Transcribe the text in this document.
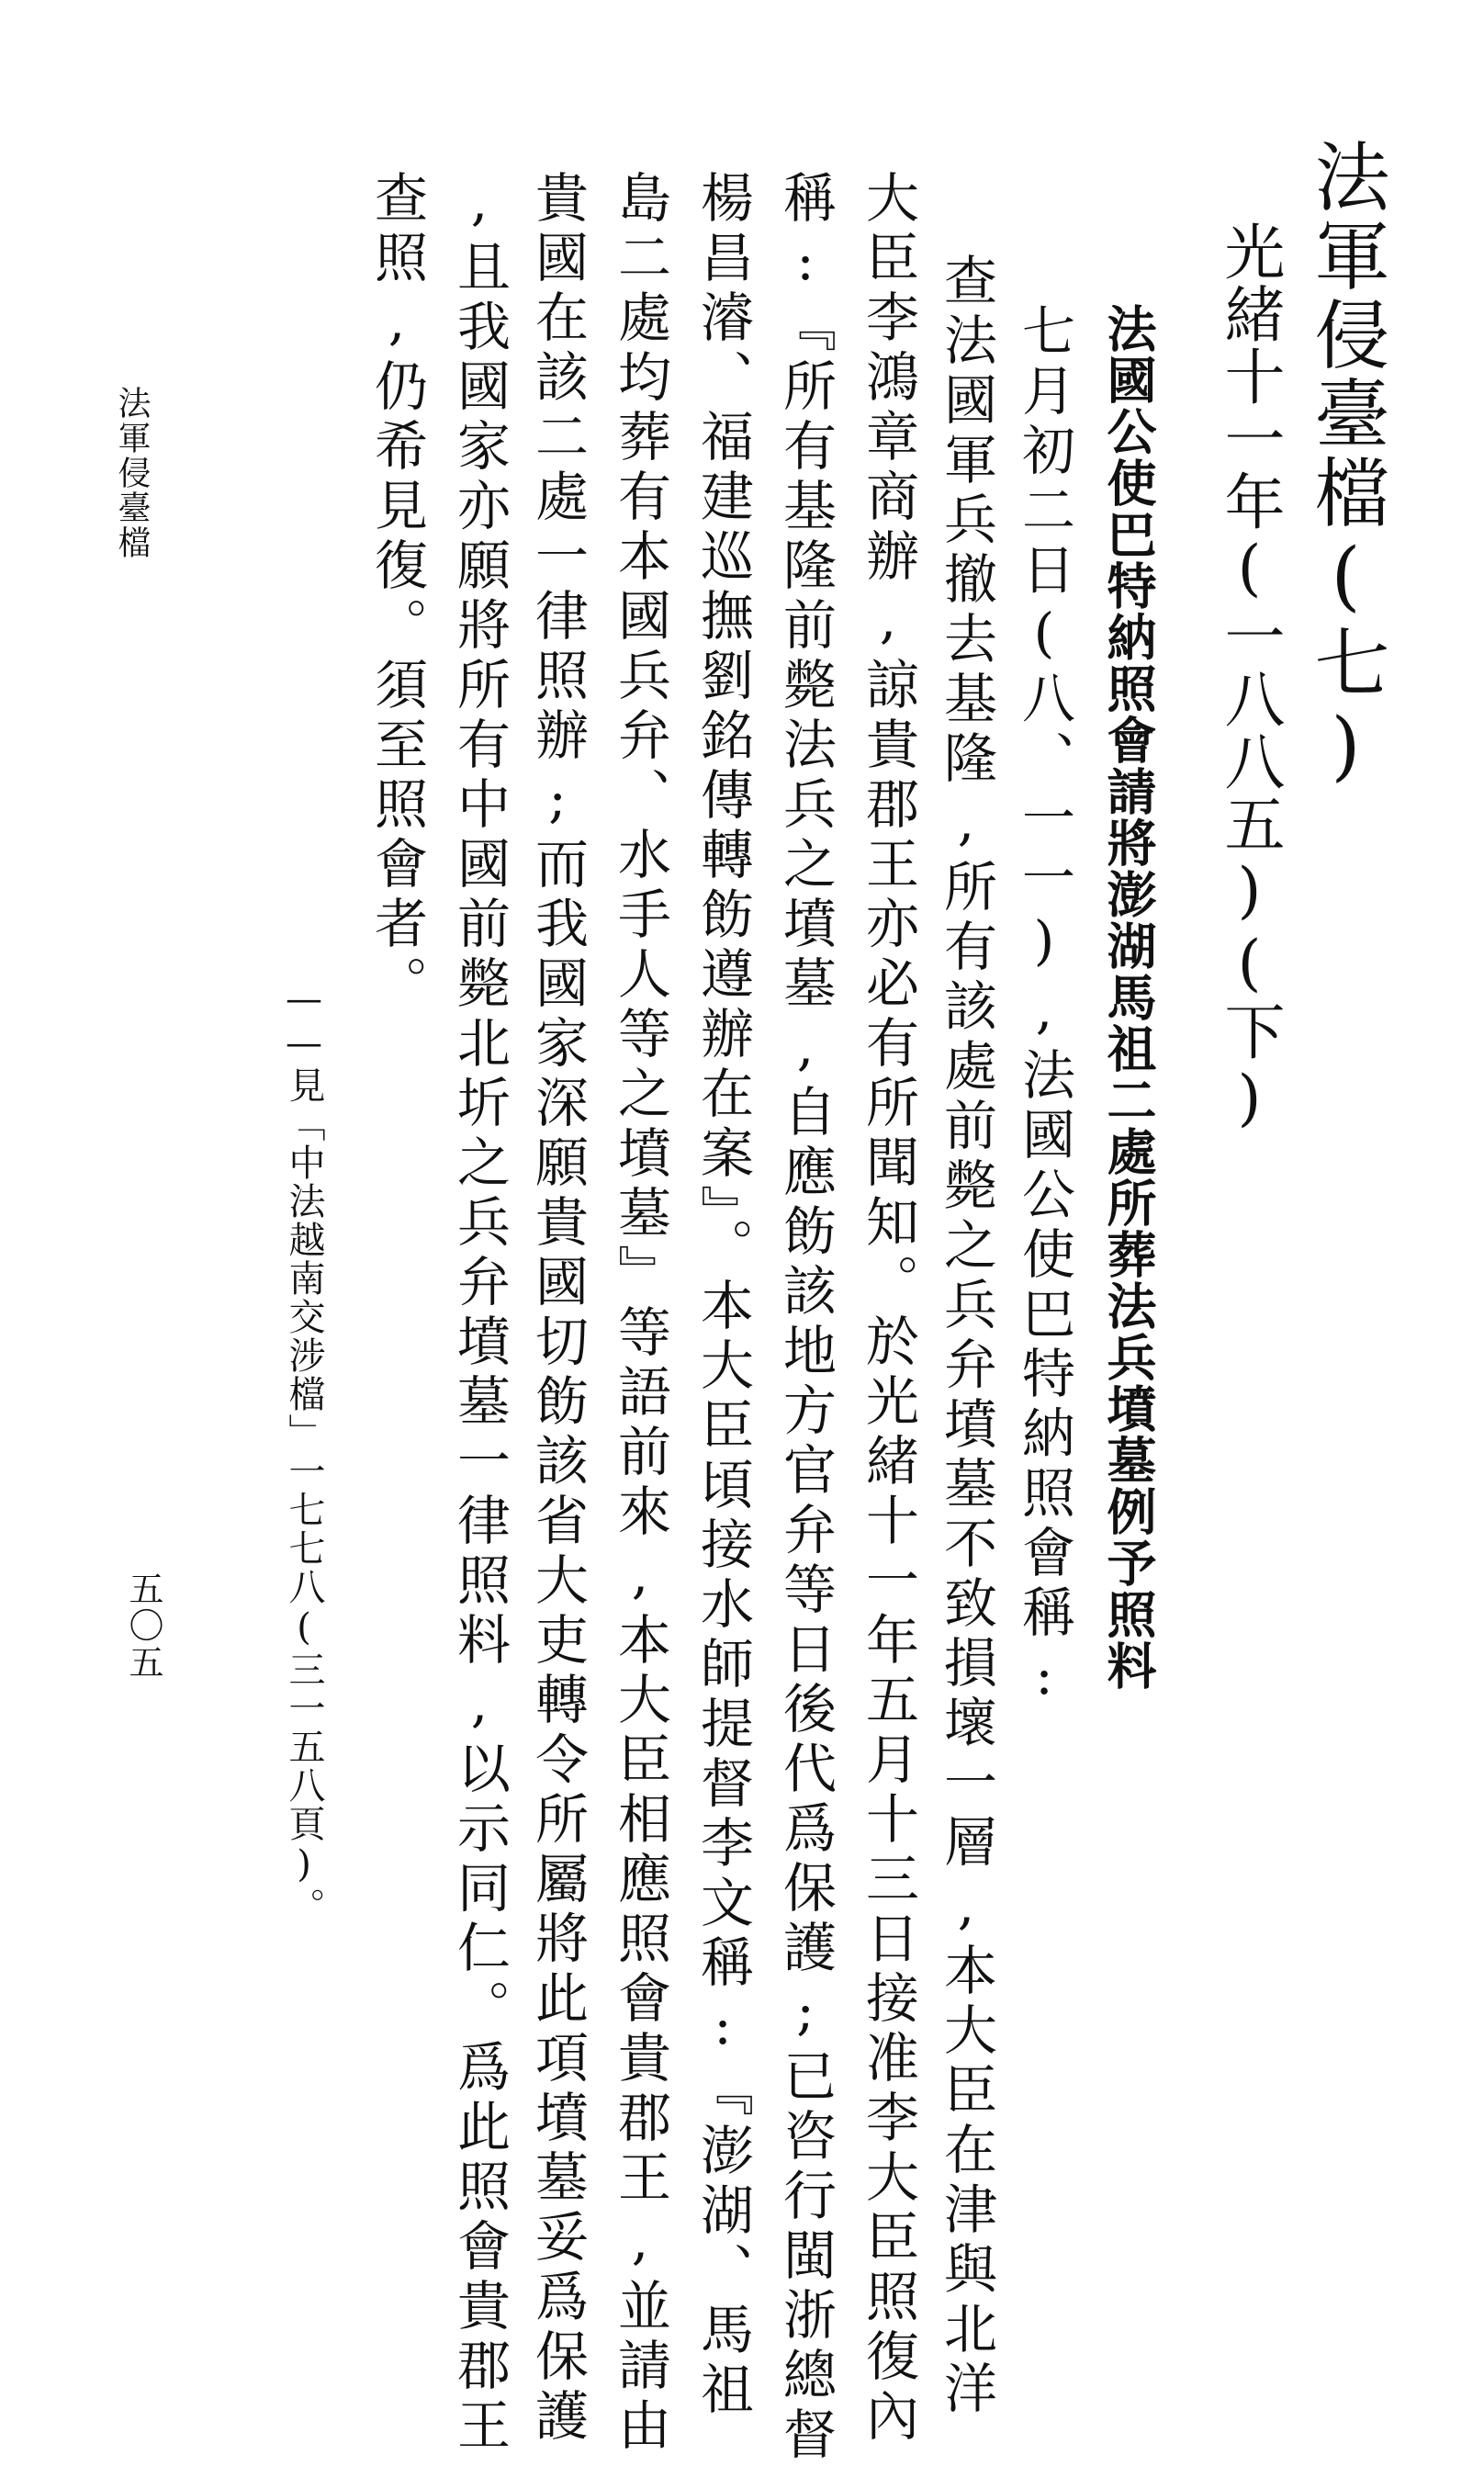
法軍侵臺檔(七)
光緒十一年(一八八五)(下)
法國公使巴特納照會請將澎湖馬祖二處所葬法兵墳墓例予照料
七月初二日(八、一一),法國公使巴特納照會稱:
查法國軍兵撤去基隆,所有該處前斃之兵弁墳墓不致損壞一層,本大臣在津與北洋
大臣李鴻章商辦,諒貴郡王亦必有所聞知。於光緒十一年五月十三日接准李大臣照復內
稱:『所有基隆前斃法兵之墳墓,自應飭該地方官弁等日後代爲保護;已咨行閩浙總督
楊昌濬、福建巡撫劉銘傳轉飭遵辦在案』。本大臣頃接水師提督李文稱:『澎湖、馬祖
島二處均葬有本國兵弁、水手人等之墳墓』等語前來,本大臣相應照會貴郡王,並請由
貴國在該二處一律照辦;而我國家深願貴國切飭該省大吏轉令所屬將此項墳墓妥爲保護
,且我國家亦願將所有中國前斃北圻之兵弁墳墓一律照料,以示同仁。爲此照會貴郡王
查照,仍希見復。須至照會者。
——見「中法越南交涉檔」一七七八(三一五八頁)。
法軍侵臺檔
五〇五
